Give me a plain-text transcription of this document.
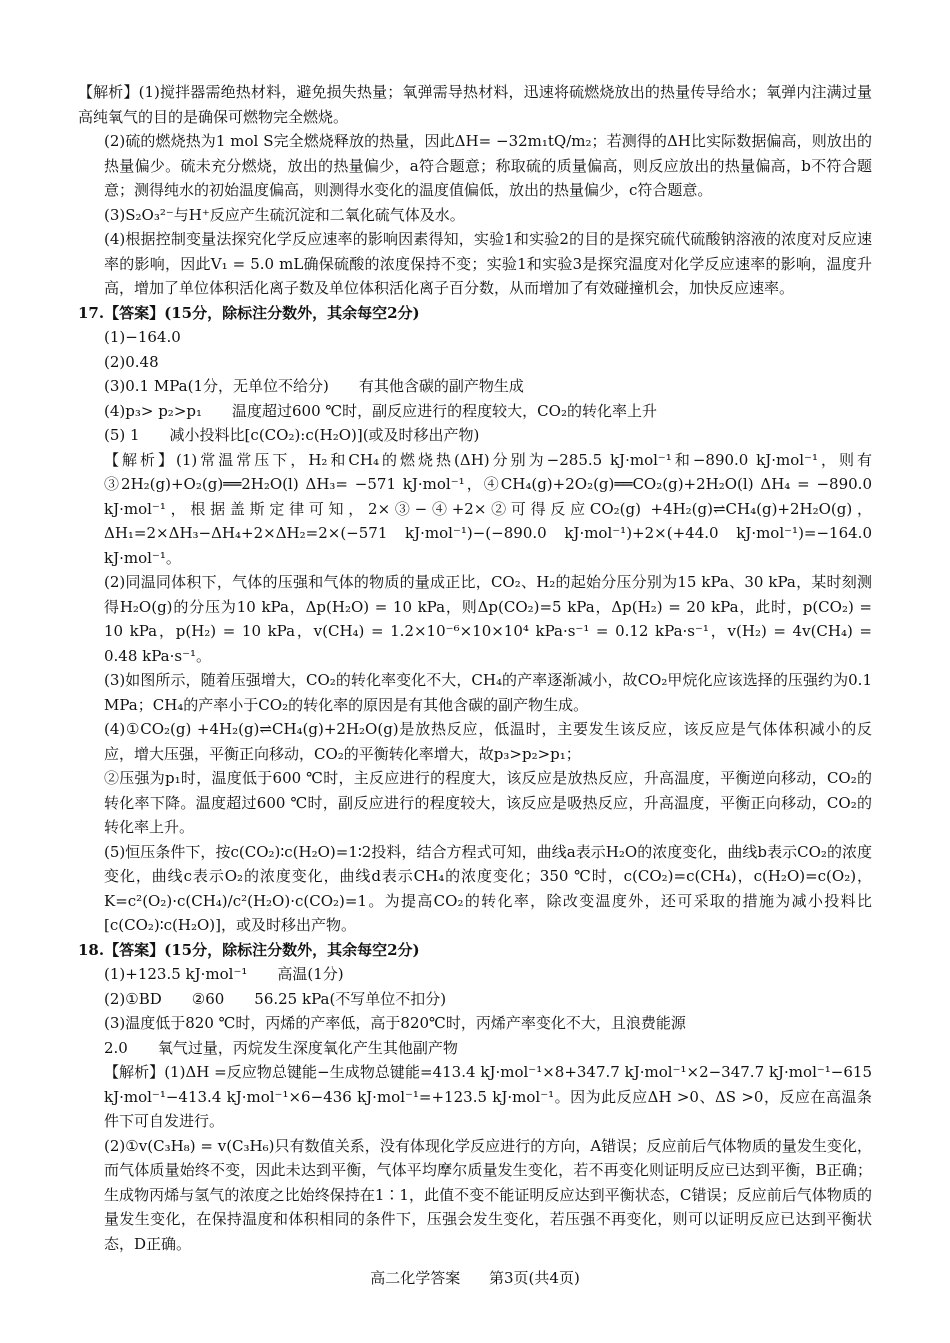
【解析】(1)搅拌器需绝热材料，避免损失热量；氧弹需导热材料，迅速将硫燃烧放出的热量传导给水；氧弹内注满过量高纯氧气的目的是确保可燃物完全燃烧。

(2)硫的燃烧热为1 mol S完全燃烧释放的热量，因此ΔH= −32m₁tQ/m₂；若测得的ΔH比实际数据偏高，则放出的热量偏少。硫未充分燃烧，放出的热量偏少，a符合题意；称取硫的质量偏高，则反应放出的热量偏高，b不符合题意；测得纯水的初始温度偏高，则测得水变化的温度值偏低，放出的热量偏少，c符合题意。

(3)S₂O₃²⁻与H⁺反应产生硫沉淀和二氧化硫气体及水。

(4)根据控制变量法探究化学反应速率的影响因素得知，实验1和实验2的目的是探究硫代硫酸钠溶液的浓度对反应速率的影响，因此V₁ = 5.0 mL确保硫酸的浓度保持不变；实验1和实验3是探究温度对化学反应速率的影响，温度升高，增加了单位体积活化离子数及单位体积活化离子百分数，从而增加了有效碰撞机会，加快反应速率。

17.【答案】(15分，除标注分数外，其余每空2分)

(1)−164.0

(2)0.48

(3)0.1 MPa(1分，无单位不给分)　　有其他含碳的副产物生成

(4)p₃> p₂>p₁　　温度超过600 ℃时，副反应进行的程度较大，CO₂的转化率上升

(5) 1　　减小投料比[c(CO₂):c(H₂O)](或及时移出产物)

【解析】(1)常温常压下，H₂和CH₄的燃烧热(ΔH)分别为−285.5 kJ·mol⁻¹和−890.0 kJ·mol⁻¹，则有③2H₂(g)+O₂(g)══2H₂O(l) ΔH₃= −571 kJ·mol⁻¹，④CH₄(g)+2O₂(g)══CO₂(g)+2H₂O(l) ΔH₄ = −890.0 kJ·mol⁻¹，根据盖斯定律可知，2×③−④+2×②可得反应CO₂(g) +4H₂(g)⇌CH₄(g)+2H₂O(g)，ΔH₁=2×ΔH₃−ΔH₄+2×ΔH₂=2×(−571 kJ·mol⁻¹)−(−890.0 kJ·mol⁻¹)+2×(+44.0 kJ·mol⁻¹)=−164.0 kJ·mol⁻¹。

(2)同温同体积下，气体的压强和气体的物质的量成正比，CO₂、H₂的起始分压分别为15 kPa、30 kPa，某时刻测得H₂O(g)的分压为10 kPa，Δp(H₂O) = 10 kPa，则Δp(CO₂)=5 kPa，Δp(H₂) = 20 kPa，此时，p(CO₂) = 10 kPa，p(H₂) = 10 kPa，v(CH₄) = 1.2×10⁻⁶×10×10⁴ kPa·s⁻¹ = 0.12 kPa·s⁻¹，v(H₂) = 4v(CH₄) = 0.48 kPa·s⁻¹。

(3)如图所示，随着压强增大，CO₂的转化率变化不大，CH₄的产率逐渐减小，故CO₂甲烷化应该选择的压强约为0.1 MPa；CH₄的产率小于CO₂的转化率的原因是有其他含碳的副产物生成。

(4)①CO₂(g) +4H₂(g)⇌CH₄(g)+2H₂O(g)是放热反应，低温时，主要发生该反应，该反应是气体体积减小的反应，增大压强，平衡正向移动，CO₂的平衡转化率增大，故p₃>p₂>p₁；

②压强为p₁时，温度低于600 ℃时，主反应进行的程度大，该反应是放热反应，升高温度，平衡逆向移动，CO₂的转化率下降。温度超过600 ℃时，副反应进行的程度较大，该反应是吸热反应，升高温度，平衡正向移动，CO₂的转化率上升。

(5)恒压条件下，按c(CO₂)∶c(H₂O)=1∶2投料，结合方程式可知，曲线a表示H₂O的浓度变化，曲线b表示CO₂的浓度变化，曲线c表示O₂的浓度变化，曲线d表示CH₄的浓度变化；350 ℃时，c(CO₂)=c(CH₄)，c(H₂O)=c(O₂)，K=c²(O₂)·c(CH₄)/c²(H₂O)·c(CO₂)=1。为提高CO₂的转化率，除改变温度外，还可采取的措施为减小投料比[c(CO₂)∶c(H₂O)]，或及时移出产物。

18.【答案】(15分，除标注分数外，其余每空2分)

(1)+123.5 kJ·mol⁻¹　　高温(1分)

(2)①BD　　②60　　56.25 kPa(不写单位不扣分)

(3)温度低于820 ℃时，丙烯的产率低，高于820℃时，丙烯产率变化不大，且浪费能源

2.0　　氧气过量，丙烷发生深度氧化产生其他副产物

【解析】(1)ΔH =反应物总键能−生成物总键能=413.4 kJ·mol⁻¹×8+347.7 kJ·mol⁻¹×2−347.7 kJ·mol⁻¹−615 kJ·mol⁻¹−413.4 kJ·mol⁻¹×6−436 kJ·mol⁻¹=+123.5 kJ·mol⁻¹。因为此反应ΔH >0、ΔS >0，反应在高温条件下可自发进行。

(2)①v(C₃H₈) = v(C₃H₆)只有数值关系，没有体现化学反应进行的方向，A错误；反应前后气体物质的量发生变化，而气体质量始终不变，因此未达到平衡，气体平均摩尔质量发生变化，若不再变化则证明反应已达到平衡，B正确；生成物丙烯与氢气的浓度之比始终保持在1∶1，此值不变不能证明反应达到平衡状态，C错误；反应前后气体物质的量发生变化，在保持温度和体积相同的条件下，压强会发生变化，若压强不再变化，则可以证明反应已达到平衡状态，D正确。

高二化学答案 第3页(共4页)
